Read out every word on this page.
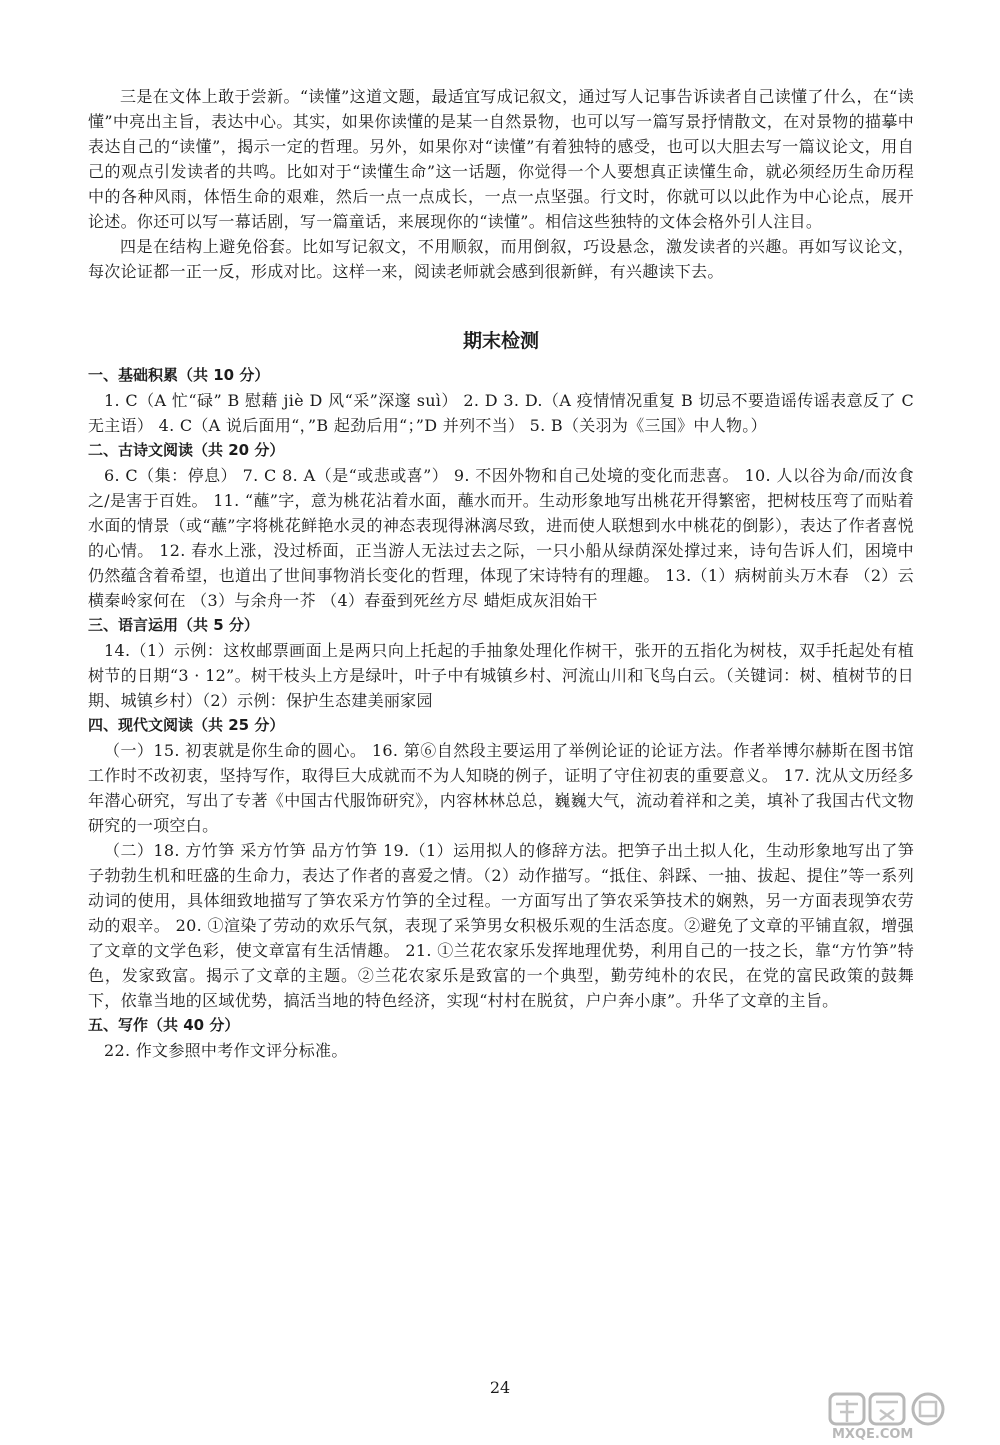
三是在文体上敢于尝新。“读懂”这道文题，最适宜写成记叙文，通过写人记事告诉读者自己读懂了什么，在“读懂”中亮出主旨，表达中心。其实，如果你读懂的是某一自然景物，也可以写一篇写景抒情散文，在对景物的描摹中表达自己的“读懂”，揭示一定的哲理。另外，如果你对“读懂”有着独特的感受，也可以大胆去写一篇议论文，用自己的观点引发读者的共鸣。比如对于“读懂生命”这一话题，你觉得一个人要想真正读懂生命，就必须经历生命历程中的各种风雨，体悟生命的艰难，然后一点一点成长，一点一点坚强。行文时，你就可以以此作为中心论点，展开论述。你还可以写一幕话剧，写一篇童话，来展现你的“读懂”。相信这些独特的文体会格外引人注目。

四是在结构上避免俗套。比如写记叙文，不用顺叙，而用倒叙，巧设悬念，激发读者的兴趣。再如写议论文，每次论证都一正一反，形成对比。这样一来，阅读老师就会感到很新鲜，有兴趣读下去。

期末检测
一、基础积累（共 10 分）

1. C（A 忙“碌” B 慰藉 jiè D 风“采”深邃 suì） 2. D 3. D.（A 疫情情况重复 B 切忌不要造谣传谣表意反了 C 无主语） 4. C（A 说后面用“，”B 起劲后用“；”D 并列不当） 5. B（关羽为《三国》中人物。）

二、古诗文阅读（共 20 分）

6. C（集：停息） 7. C 8. A（是“或悲或喜”） 9. 不因外物和自己处境的变化而悲喜。 10. 人以谷为命/而汝食之/是害于百姓。 11. “蘸”字，意为桃花沾着水面，蘸水而开。生动形象地写出桃花开得繁密，把树枝压弯了而贴着水面的情景（或“蘸”字将桃花鲜艳水灵的神态表现得淋漓尽致，进而使人联想到水中桃花的倒影），表达了作者喜悦的心情。 12. 春水上涨，没过桥面，正当游人无法过去之际，一只小船从绿荫深处撑过来，诗句告诉人们，困境中仍然蕴含着希望，也道出了世间事物消长变化的哲理，体现了宋诗特有的理趣。 13.（1）病树前头万木春 （2）云横秦岭家何在 （3）与余舟一芥 （4）春蚕到死丝方尽 蜡炬成灰泪始干

三、语言运用（共 5 分）

14.（1）示例：这枚邮票画面上是两只向上托起的手抽象处理化作树干，张开的五指化为树枝，双手托起处有植树节的日期“3 · 12”。树干枝头上方是绿叶，叶子中有城镇乡村、河流山川和飞鸟白云。（关键词：树、植树节的日期、城镇乡村）（2）示例：保护生态建美丽家园

四、现代文阅读（共 25 分）

（一）15. 初衷就是你生命的圆心。 16. 第⑥自然段主要运用了举例论证的论证方法。作者举博尔赫斯在图书馆工作时不改初衷，坚持写作，取得巨大成就而不为人知晓的例子，证明了守住初衷的重要意义。 17. 沈从文历经多年潜心研究，写出了专著《中国古代服饰研究》，内容林林总总，巍巍大气，流动着祥和之美，填补了我国古代文物研究的一项空白。

（二）18. 方竹笋 采方竹笋 品方竹笋 19.（1）运用拟人的修辞方法。把笋子出土拟人化，生动形象地写出了笋子勃勃生机和旺盛的生命力，表达了作者的喜爱之情。（2）动作描写。“抵住、斜踩、一抽、拔起、提住”等一系列动词的使用，具体细致地描写了笋农采方竹笋的全过程。一方面写出了笋农采笋技术的娴熟，另一方面表现笋农劳动的艰辛。 20. ①渲染了劳动的欢乐气氛，表现了采笋男女积极乐观的生活态度。②避免了文章的平铺直叙，增强了文章的文学色彩，使文章富有生活情趣。 21. ①兰花农家乐发挥地理优势，利用自己的一技之长，靠“方竹笋”特色，发家致富。揭示了文章的主题。②兰花农家乐是致富的一个典型，勤劳纯朴的农民，在党的富民政策的鼓舞下，依靠当地的区域优势，搞活当地的特色经济，实现“村村在脱贫，户户奔小康”。升华了文章的主旨。

五、写作（共 40 分）

22. 作文参照中考作文评分标准。

24
MXQE.COM
